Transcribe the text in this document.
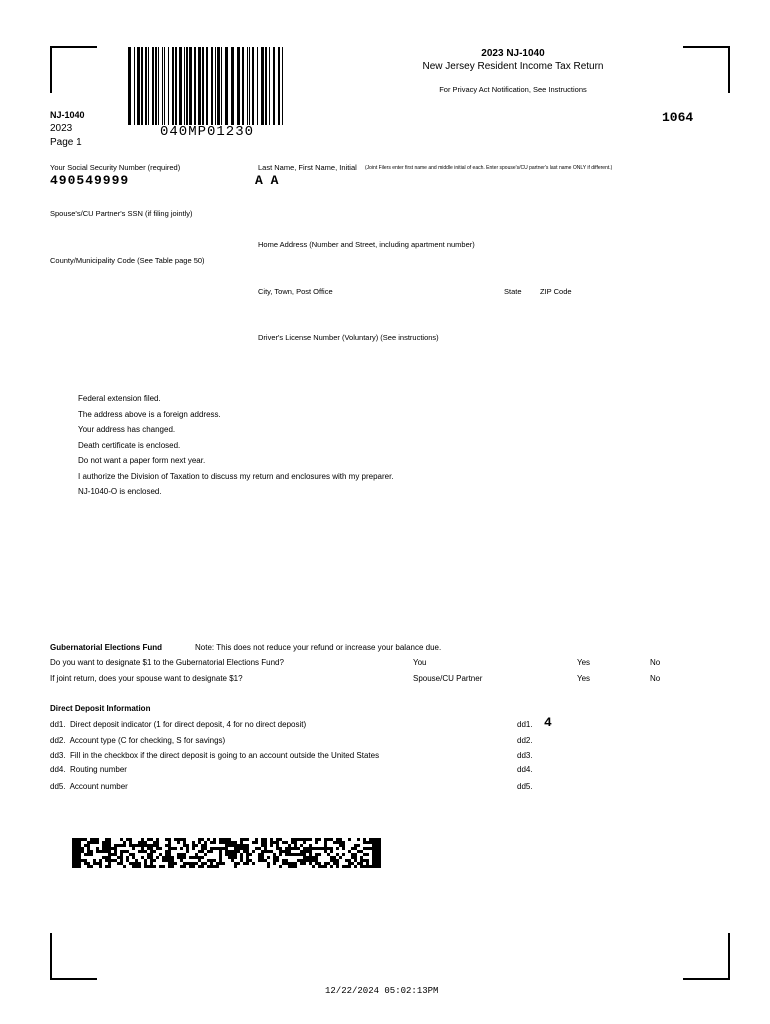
040MP01230
2023 NJ-1040
New Jersey Resident Income Tax Return
For Privacy Act Notification, See Instructions
1064
NJ-1040
2023
Page 1
Your Social Security Number (required)
490549999
Last Name, First Name, Initial (Joint Filers enter first name and middle initial of each. Enter spouse's/CU partner's last name ONLY if different.)
A A
Spouse's/CU Partner's SSN (if filing jointly)
Home Address (Number and Street, including apartment number)
County/Municipality Code (See Table page 50)
City, Town, Post Office	State ZIP Code
Driver's License Number (Voluntary) (See instructions)
Federal extension filed.
The address above is a foreign address.
Your address has changed.
Death certificate is enclosed.
Do not want a paper form next year.
I authorize the Division of Taxation to discuss my return and enclosures with my preparer.
NJ-1040-O is enclosed.
Gubernatorial Elections Fund	Note: This does not reduce your refund or increase your balance due.
Do you want to designate $1 to the Gubernatorial Elections Fund?	You	Yes	No
If joint return, does your spouse want to designate $1?	Spouse/CU Partner	Yes	No
Direct Deposit Information
dd1.  Direct deposit indicator (1 for direct deposit, 4 for no direct deposit)	dd1. 4
dd2.  Account type (C for checking, S for savings)	dd2.
dd3.  Fill in the checkbox if the direct deposit is going to an account outside the United States	dd3.
dd4.  Routing number	dd4.
dd5.  Account number	dd5.
12/22/2024 05:02:13PM
